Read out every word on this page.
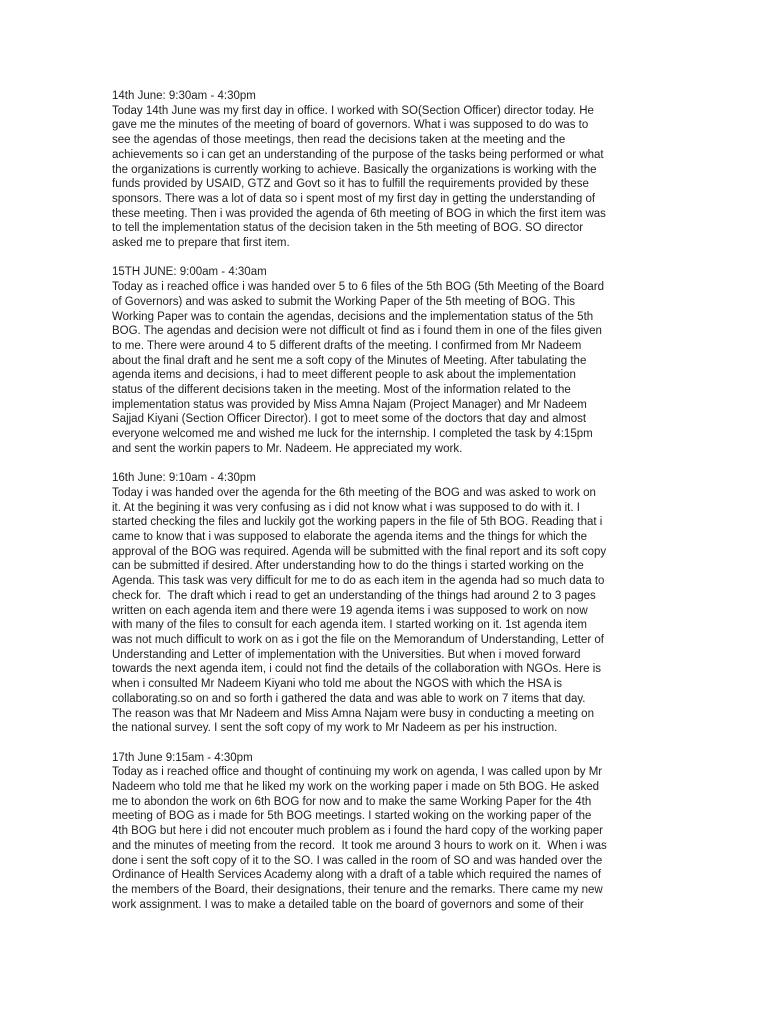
14th June: 9:30am - 4:30pm
Today 14th June was my first day in office. I worked with SO(Section Officer) director today. He
gave me the minutes of the meeting of board of governors. What i was supposed to do was to
see the agendas of those meetings, then read the decisions taken at the meeting and the
achievements so i can get an understanding of the purpose of the tasks being performed or what
the organizations is currently working to achieve. Basically the organizations is working with the
funds provided by USAID, GTZ and Govt so it has to fulfill the requirements provided by these
sponsors. There was a lot of data so i spent most of my first day in getting the understanding of
these meeting. Then i was provided the agenda of 6th meeting of BOG in which the first item was
to tell the implementation status of the decision taken in the 5th meeting of BOG. SO director
asked me to prepare that first item.
15TH JUNE: 9:00am - 4:30am
Today as i reached office i was handed over 5 to 6 files of the 5th BOG (5th Meeting of the Board
of Governors) and was asked to submit the Working Paper of the 5th meeting of BOG. This
Working Paper was to contain the agendas, decisions and the implementation status of the 5th
BOG. The agendas and decision were not difficult ot find as i found them in one of the files given
to me. There were around 4 to 5 different drafts of the meeting. I confirmed from Mr Nadeem
about the final draft and he sent me a soft copy of the Minutes of Meeting. After tabulating the
agenda items and decisions, i had to meet different people to ask about the implementation
status of the different decisions taken in the meeting. Most of the information related to the
implementation status was provided by Miss Amna Najam (Project Manager) and Mr Nadeem
Sajjad Kiyani (Section Officer Director). I got to meet some of the doctors that day and almost
everyone welcomed me and wished me luck for the internship. I completed the task by 4:15pm
and sent the workin papers to Mr. Nadeem. He appreciated my work.
16th June: 9:10am - 4:30pm
Today i was handed over the agenda for the 6th meeting of the BOG and was asked to work on
it. At the begining it was very confusing as i did not know what i was supposed to do with it. I
started checking the files and luckily got the working papers in the file of 5th BOG. Reading that i
came to know that i was supposed to elaborate the agenda items and the things for which the
approval of the BOG was required. Agenda will be submitted with the final report and its soft copy
can be submitted if desired. After understanding how to do the things i started working on the
Agenda. This task was very difficult for me to do as each item in the agenda had so much data to
check for.  The draft which i read to get an understanding of the things had around 2 to 3 pages
written on each agenda item and there were 19 agenda items i was supposed to work on now
with many of the files to consult for each agenda item. I started working on it. 1st agenda item
was not much difficult to work on as i got the file on the Memorandum of Understanding, Letter of
Understanding and Letter of implementation with the Universities. But when i moved forward
towards the next agenda item, i could not find the details of the collaboration with NGOs. Here is
when i consulted Mr Nadeem Kiyani who told me about the NGOS with which the HSA is
collaborating.so on and so forth i gathered the data and was able to work on 7 items that day.
The reason was that Mr Nadeem and Miss Amna Najam were busy in conducting a meeting on
the national survey. I sent the soft copy of my work to Mr Nadeem as per his instruction.
17th June 9:15am - 4:30pm
Today as i reached office and thought of continuing my work on agenda, I was called upon by Mr
Nadeem who told me that he liked my work on the working paper i made on 5th BOG. He asked
me to abondon the work on 6th BOG for now and to make the same Working Paper for the 4th
meeting of BOG as i made for 5th BOG meetings. I started woking on the working paper of the
4th BOG but here i did not encouter much problem as i found the hard copy of the working paper
and the minutes of meeting from the record.  It took me around 3 hours to work on it.  When i was
done i sent the soft copy of it to the SO. I was called in the room of SO and was handed over the
Ordinance of Health Services Academy along with a draft of a table which required the names of
the members of the Board, their designations, their tenure and the remarks. There came my new
work assignment. I was to make a detailed table on the board of governors and some of their
